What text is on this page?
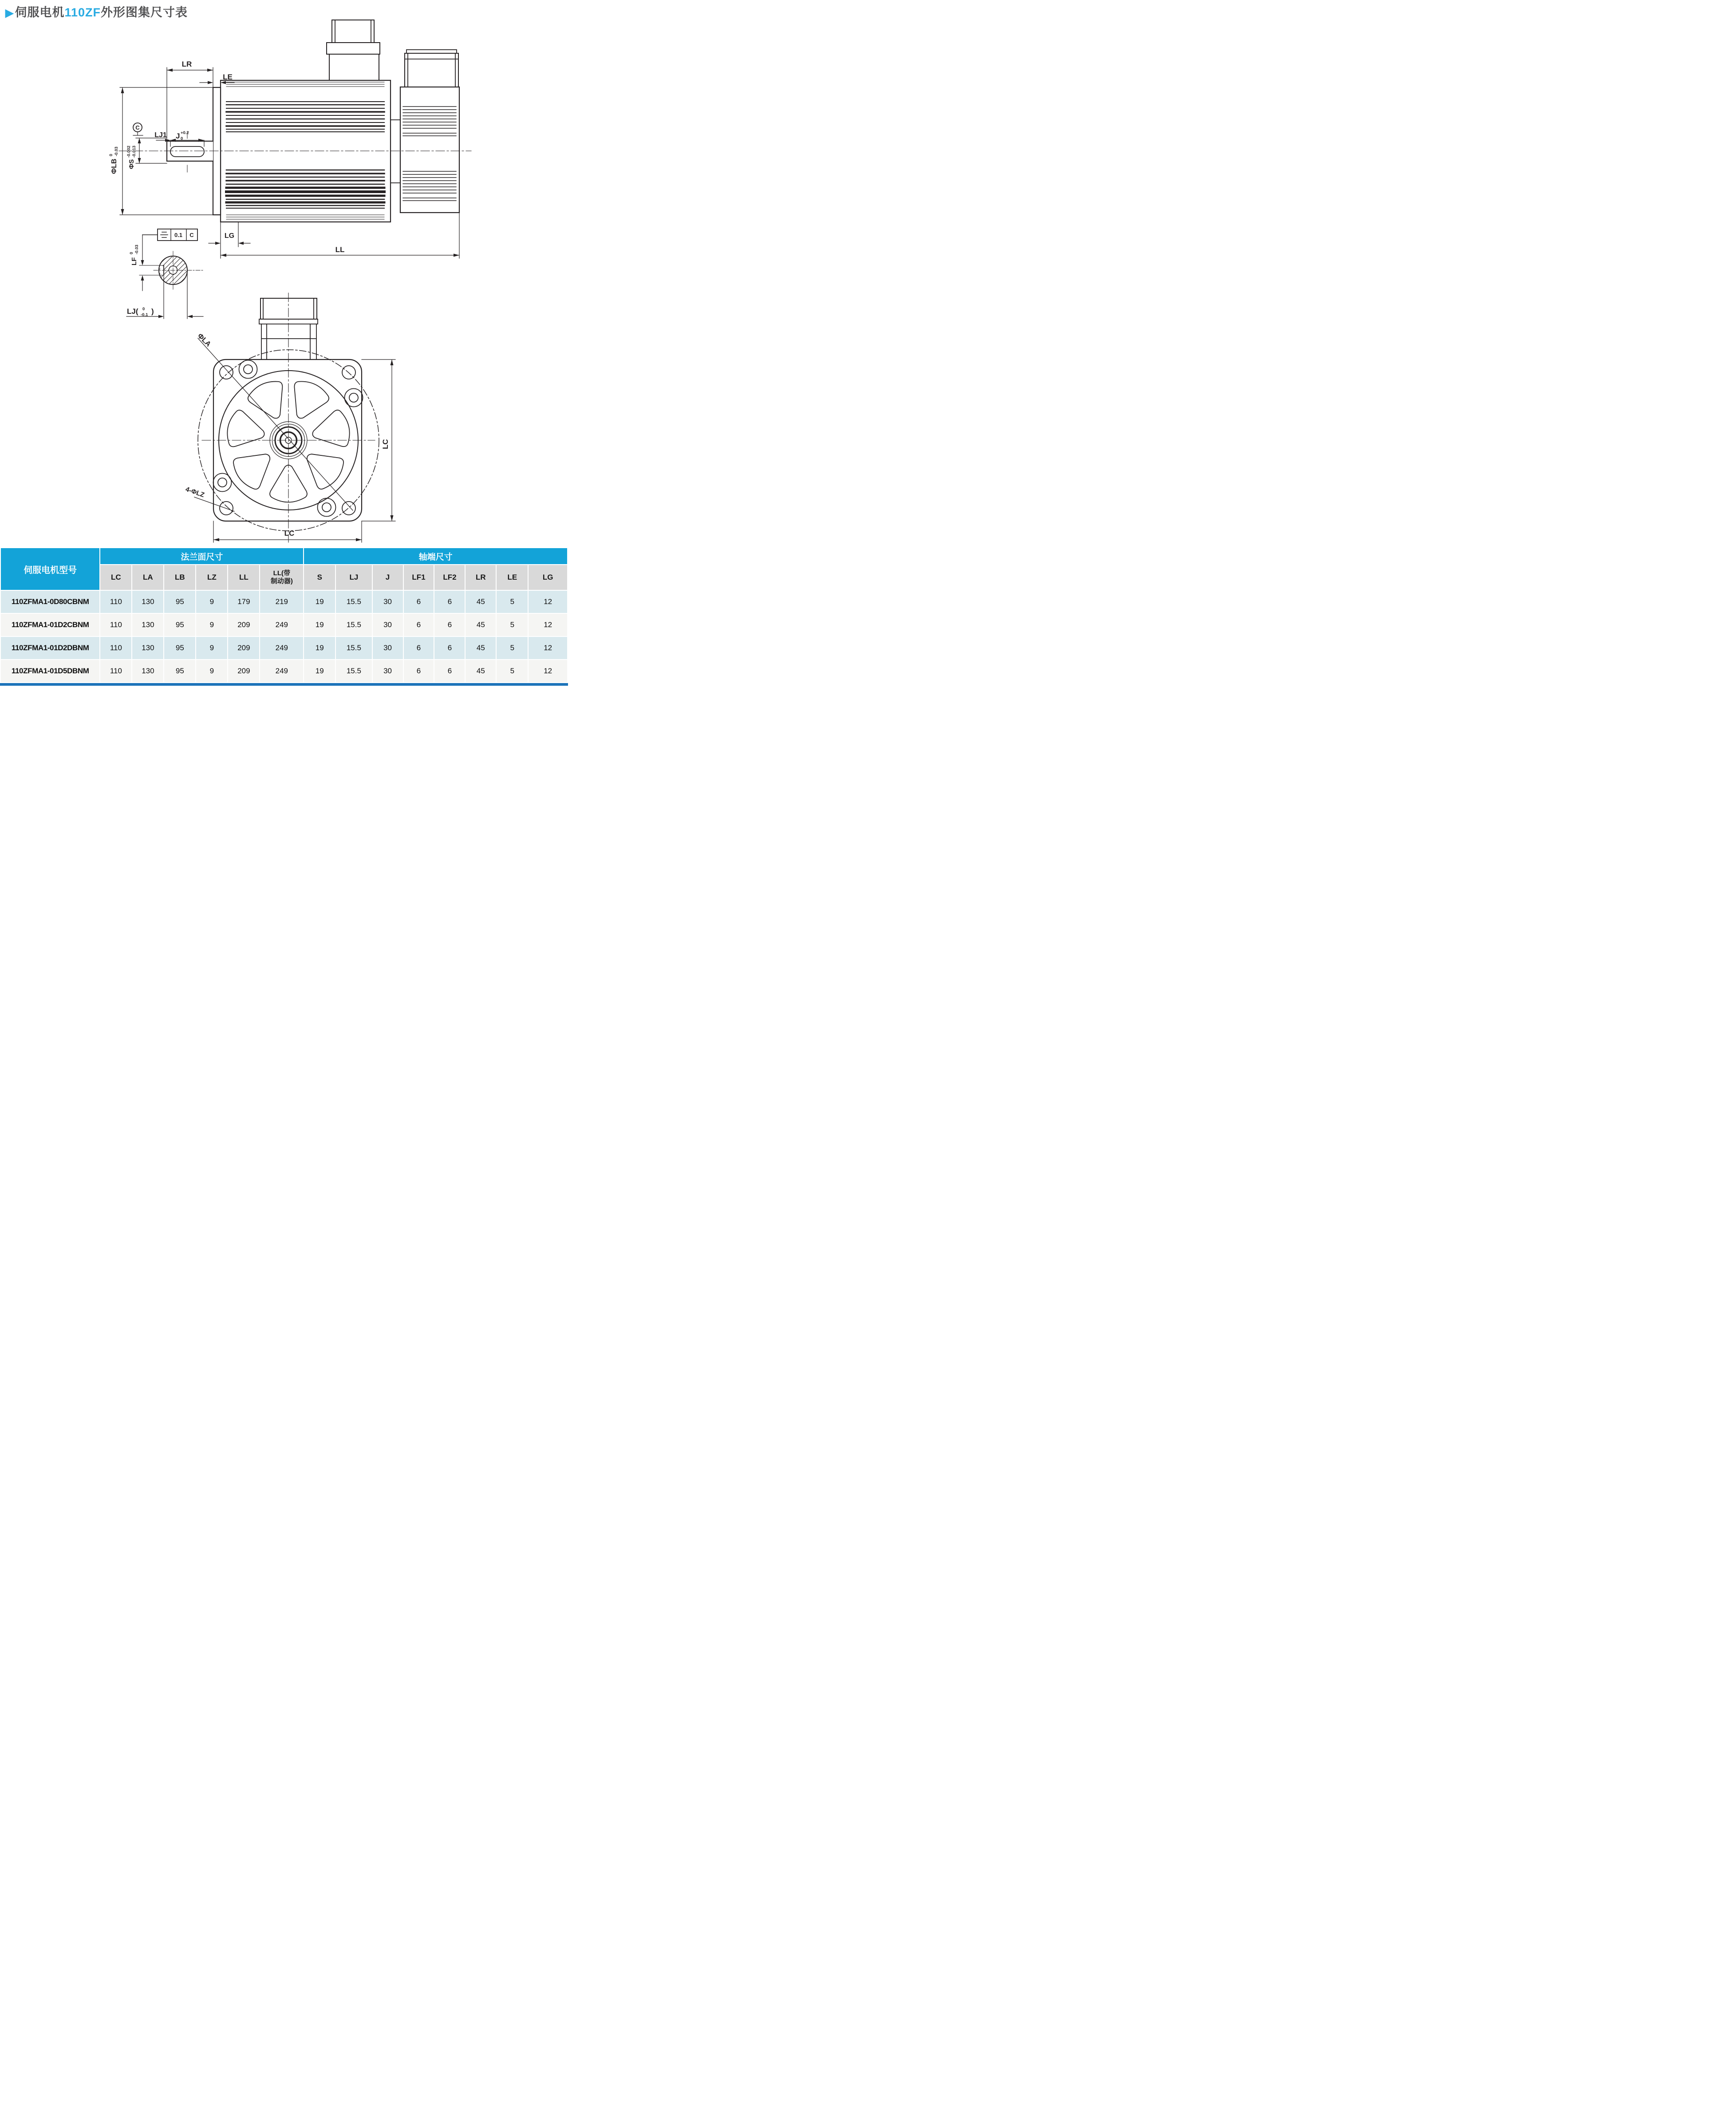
▶伺服电机110ZF外形图集尺寸表
LR
LE
LJ1 J +0.2
0
ΦLB
0 -0.03
ΦS
-0.002 -0.013
C
LG
LL
0.1 C
LF
0 -0.03
LJ( 0
-0.1 )
ΦLA
4-ΦLZ
LC
LC
伺服电机型号	法兰面尺寸						轴端尺寸							
	LC	LA	LB	LZ	LL	LL(带
制动器)	S	LJ	J	LF1	LF2	LR	LE	LG
110ZFMA1-0D80CBNM	110	130	95	9	179	219	19	15.5	30	6	6	45	5	12
110ZFMA1-01D2CBNM	110	130	95	9	209	249	19	15.5	30	6	6	45	5	12
110ZFMA1-01D2DBNM	110	130	95	9	209	249	19	15.5	30	6	6	45	5	12
110ZFMA1-01D5DBNM	110	130	95	9	209	249	19	15.5	30	6	6	45	5	12
